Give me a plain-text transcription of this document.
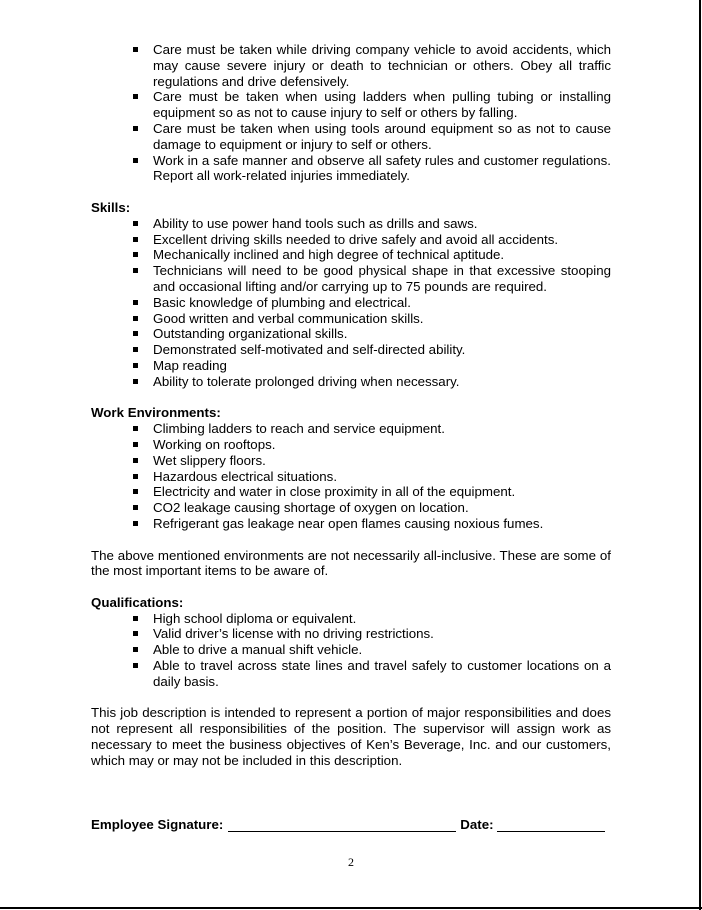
Care must be taken while driving company vehicle to avoid accidents, which may cause severe injury or death to technician or others. Obey all traffic regulations and drive defensively.
Care must be taken when using ladders when pulling tubing or installing equipment so as not to cause injury to self or others by falling.
Care must be taken when using tools around equipment so as not to cause damage to equipment or injury to self or others.
Work in a safe manner and observe all safety rules and customer regulations. Report all work-related injuries immediately.
Skills:
Ability to use power hand tools such as drills and saws.
Excellent driving skills needed to drive safely and avoid all accidents.
Mechanically inclined and high degree of technical aptitude.
Technicians will need to be good physical shape in that excessive stooping and occasional lifting and/or carrying up to 75 pounds are required.
Basic knowledge of plumbing and electrical.
Good written and verbal communication skills.
Outstanding organizational skills.
Demonstrated self-motivated and self-directed ability.
Map reading
Ability to tolerate prolonged driving when necessary.
Work Environments:
Climbing ladders to reach and service equipment.
Working on rooftops.
Wet slippery floors.
Hazardous electrical situations.
Electricity and water in close proximity in all of the equipment.
CO2 leakage causing shortage of oxygen on location.
Refrigerant gas leakage near open flames causing noxious fumes.

The above mentioned environments are not necessarily all-inclusive. These are some of the most important items to be aware of.

Qualifications:
High school diploma or equivalent.
Valid driver’s license with no driving restrictions.
Able to drive a manual shift vehicle.
Able to travel across state lines and travel safely to customer locations on a daily basis.

This job description is intended to represent a portion of major responsibilities and does not represent all responsibilities of the position. The supervisor will assign work as necessary to meet the business objectives of Ken’s Beverage, Inc. and our customers, which may or may not be included in this description.

Employee Signature:	Date:
2
